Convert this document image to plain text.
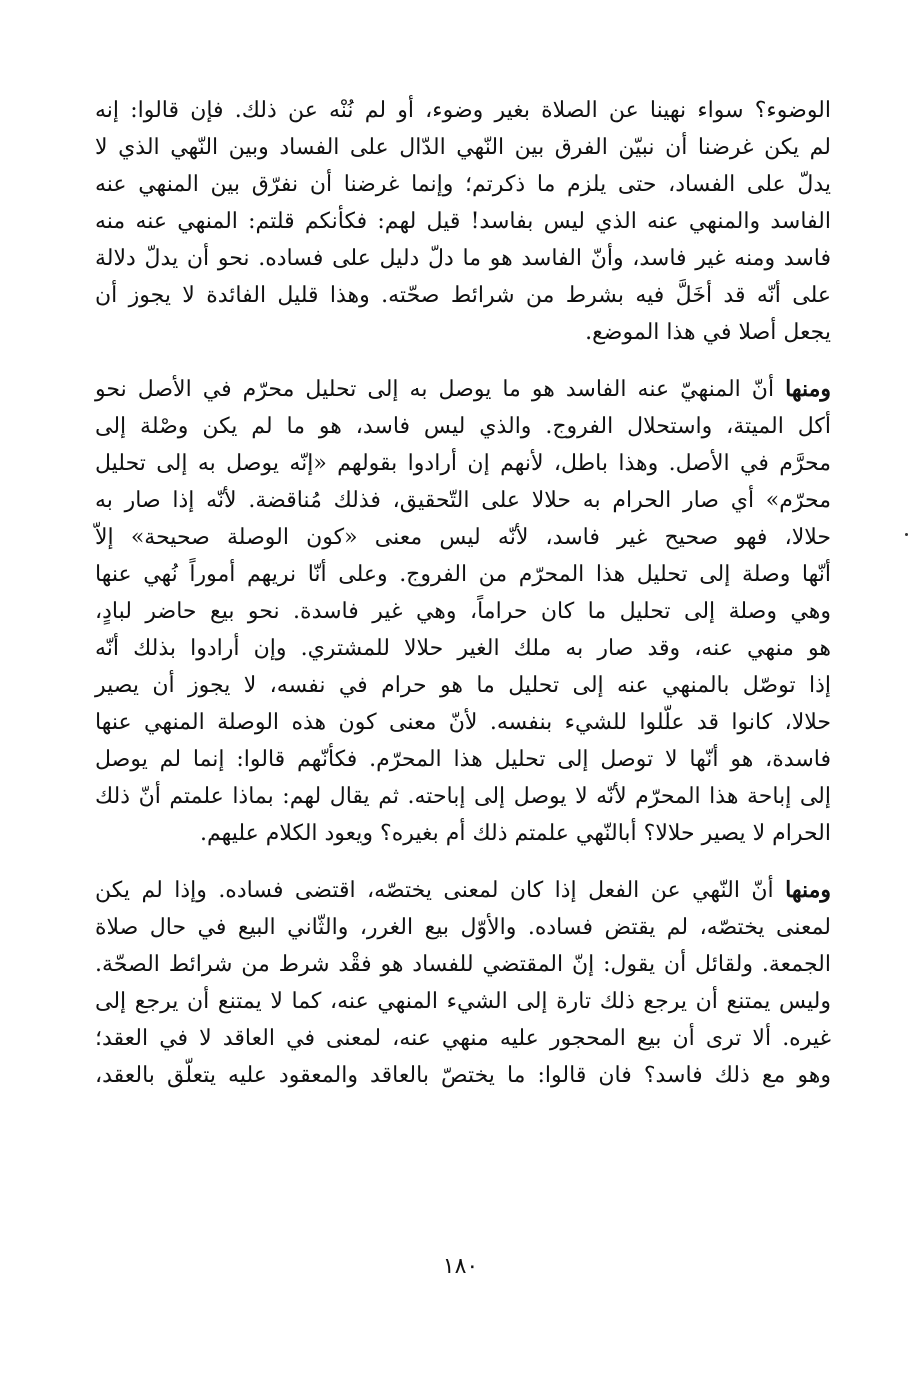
الوضوء؟ سواء نهينا عن الصلاة بغير وضوء، أو لم نُنْه عن ذلك. فإن قالوا: إنه
لم يكن غرضنا أن نبيّن الفرق بين النّهي الدّال على الفساد وبين النّهي الذي لا
يدلّ على الفساد، حتى يلزم ما ذكرتم؛ وإنما غرضنا أن نفرّق بين المنهي عنه
الفاسد والمنهي عنه الذي ليس بفاسد! قيل لهم: فكأنكم قلتم: المنهي عنه منه
فاسد ومنه غير فاسد، وأنّ الفاسد هو ما دلّ دليل على فساده. نحو أن يدلّ دلالة
على أنّه قد أخَلَّ فيه بشرط من شرائط صحّته. وهذا قليل الفائدة لا يجوز أن
يجعل أصلا في هذا الموضع.
ومنها أنّ المنهيّ عنه الفاسد هو ما يوصل به إلى تحليل محرّم في الأصل نحو
أكل الميتة، واستحلال الفروج. والذي ليس فاسد، هو ما لم يكن وصْلة إلى
محرَّم في الأصل. وهذا باطل، لأنهم إن أرادوا بقولهم «إنّه يوصل به إلى تحليل
محرّم» أي صار الحرام به حلالا على التّحقيق، فذلك مُناقضة. لأنّه إذا صار به
حلالا، فهو صحيح غير فاسد، لأنّه ليس معنى «كون الوصلة صحيحة» إلاّ
أنّها وصلة إلى تحليل هذا المحرّم من الفروج. وعلى أنّا نريهم أموراً نُهي عنها
وهي وصلة إلى تحليل ما كان حراماً، وهي غير فاسدة. نحو بيع حاضر لبادٍ،
هو منهي عنه، وقد صار به ملك الغير حلالا للمشتري. وإن أرادوا بذلك أنّه
إذا توصّل بالمنهي عنه إلى تحليل ما هو حرام في نفسه، لا يجوز أن يصير
حلالا، كانوا قد علّلوا للشيء بنفسه. لأنّ معنى كون هذه الوصلة المنهي عنها
فاسدة، هو أنّها لا توصل إلى تحليل هذا المحرّم. فكأنّهم قالوا: إنما لم يوصل
إلى إباحة هذا المحرّم لأنّه لا يوصل إلى إباحته. ثم يقال لهم: بماذا علمتم أنّ ذلك
الحرام لا يصير حلالا؟ أبالنّهي علمتم ذلك أم بغيره؟ ويعود الكلام عليهم.
ومنها أنّ النّهي عن الفعل إذا كان لمعنى يختصّه، اقتضى فساده. وإذا لم يكن
لمعنى يختصّه، لم يقتض فساده. والأوّل بيع الغرر، والثّاني البيع في حال صلاة
الجمعة. ولقائل أن يقول: إنّ المقتضي للفساد هو فقْد شرط من شرائط الصحّة.
وليس يمتنع أن يرجع ذلك تارة إلى الشيء المنهي عنه، كما لا يمتنع أن يرجع إلى
غيره. ألا ترى أن بيع المحجور عليه منهي عنه، لمعنى في العاقد لا في العقد؛
وهو مع ذلك فاسد؟ فان قالوا: ما يختصّ بالعاقد والمعقود عليه يتعلّق بالعقد،
١٨٠
